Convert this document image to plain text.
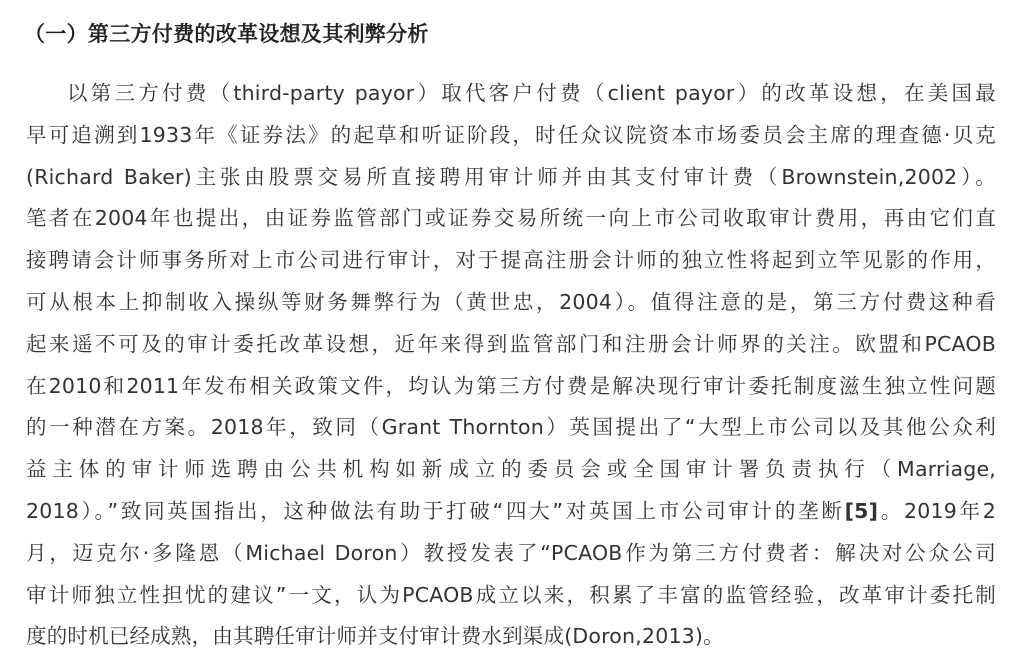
（一）第三方付费的改革设想及其利弊分析
以第三方付费（third-party payor）取代客户付费（client payor）的改革设想，在美国最
早可追溯到1933年《证券法》的起草和听证阶段，时任众议院资本市场委员会主席的理查德·贝克
(Richard Baker)主张由股票交易所直接聘用审计师并由其支付审计费（Brownstein,2002）。
笔者在2004年也提出，由证券监管部门或证券交易所统一向上市公司收取审计费用，再由它们直
接聘请会计师事务所对上市公司进行审计，对于提高注册会计师的独立性将起到立竿见影的作用，
可从根本上抑制收入操纵等财务舞弊行为（黄世忠，2004）。值得注意的是，第三方付费这种看
起来遥不可及的审计委托改革设想，近年来得到监管部门和注册会计师界的关注。欧盟和PCAOB
在2010和2011年发布相关政策文件，均认为第三方付费是解决现行审计委托制度滋生独立性问题
的一种潜在方案。2018年，致同（Grant Thornton）英国提出了“大型上市公司以及其他公众利
益主体的审计师选聘由公共机构如新成立的委员会或全国审计署负责执行（Marriage,
2018）。”致同英国指出，这种做法有助于打破“四大”对英国上市公司审计的垄断[5]。2019年2
月，迈克尔·多隆恩（Michael Doron）教授发表了“PCAOB作为第三方付费者：解决对公众公司
审计师独立性担忧的建议”一文，认为PCAOB成立以来，积累了丰富的监管经验，改革审计委托制
度的时机已经成熟，由其聘任审计师并支付审计费水到渠成(Doron,2013)。
